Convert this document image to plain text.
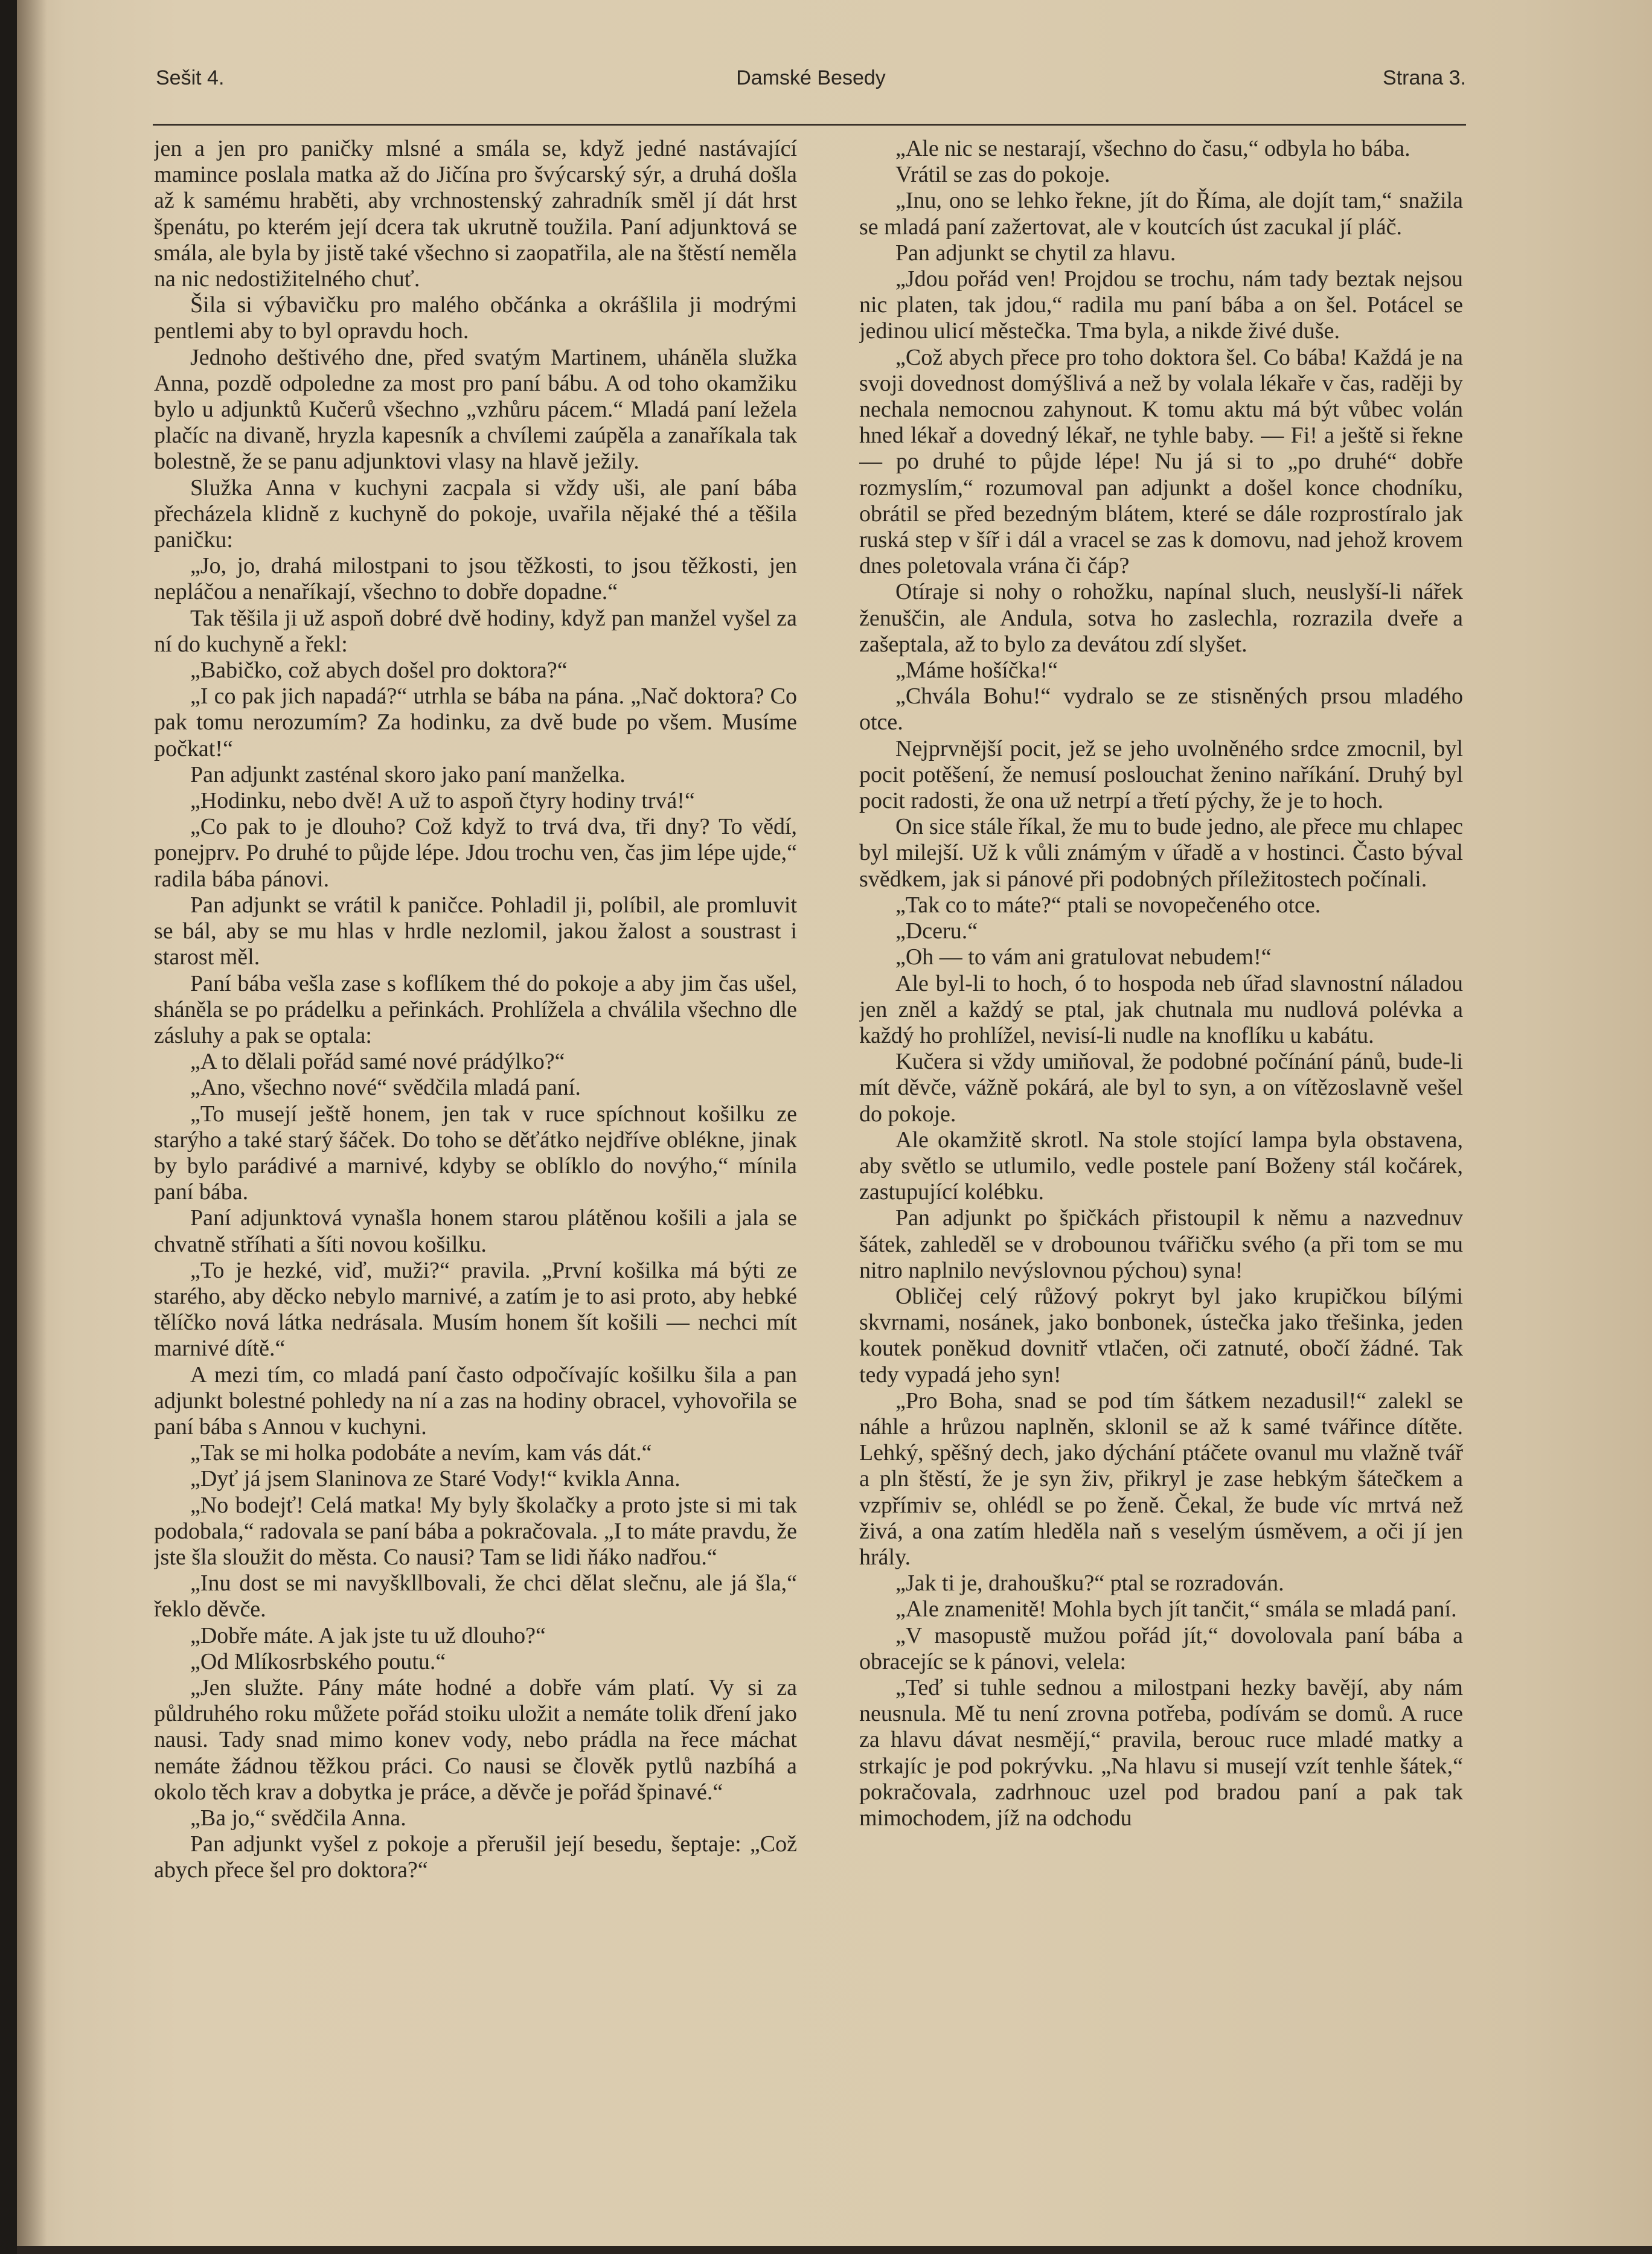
Sešit 4.	Damské Besedy	Strana 3.

jen a jen pro paničky mlsné a smála se, když jedné nastávající mamince poslala matka až do Jičína pro švýcarský sýr, a druhá došla až k samému hraběti, aby vrchnostenský zahradník směl jí dát hrst špenátu, po kterém její dcera tak ukrutně toužila. Paní adjunktová se smála, ale byla by jistě také všechno si zaopatřila, ale na štěstí neměla na nic nedostižitelného chuť.

Šila si výbavičku pro malého občánka a okrášlila ji modrými pentlemi aby to byl opravdu hoch.

Jednoho deštivého dne, před svatým Martinem, uháněla služka Anna, pozdě odpoledne za most pro paní bábu. A od toho okamžiku bylo u adjunktů Kučerů všechno „vzhůru pácem.“ Mladá paní ležela plačíc na divaně, hryzla kapesník a chvílemi zaúpěla a zanaříkala tak bolestně, že se panu adjunktovi vlasy na hlavě ježily.

Služka Anna v kuchyni zacpala si vždy uši, ale paní bába přecházela klidně z kuchyně do pokoje, uvařila nějaké thé a těšila paničku:

„Jo, jo, drahá milostpani to jsou těžkosti, to jsou těžkosti, jen nepláčou a nenaříkají, všechno to dobře dopadne.“

Tak těšila ji už aspoň dobré dvě hodiny, když pan manžel vyšel za ní do kuchyně a řekl:

„Babičko, což abych došel pro doktora?“

„I co pak jich napadá?“ utrhla se bába na pána. „Nač doktora? Co pak tomu nerozumím? Za hodinku, za dvě bude po všem. Musíme počkat!“

Pan adjunkt zasténal skoro jako paní manželka.

„Hodinku, nebo dvě! A už to aspoň čtyry hodiny trvá!“

„Co pak to je dlouho? Což když to trvá dva, tři dny? To vědí, ponejprv. Po druhé to půjde lépe. Jdou trochu ven, čas jim lépe ujde,“ radila bába pánovi.

Pan adjunkt se vrátil k paničce. Pohladil ji, políbil, ale promluvit se bál, aby se mu hlas v hrdle nezlomil, jakou žalost a soustrast i starost měl.

Paní bába vešla zase s koflíkem thé do pokoje a aby jim čas ušel, sháněla se po prádelku a peřinkách. Prohlížela a chválila všechno dle zásluhy a pak se optala:

„A to dělali pořád samé nové prádýlko?“

„Ano, všechno nové“ svědčila mladá paní.

„To musejí ještě honem, jen tak v ruce spíchnout košilku ze starýho a také starý šáček. Do toho se děťátko nejdříve oblékne, jinak by bylo parádivé a marnivé, kdyby se oblíklo do novýho,“ mínila paní bába.

Paní adjunktová vynašla honem starou plátěnou košili a jala se chvatně stříhati a šíti novou košilku.

„To je hezké, viď, muži?“ pravila. „První košilka má býti ze starého, aby děcko nebylo marnivé, a zatím je to asi proto, aby hebké tělíčko nová látka nedrásala. Musím honem šít košili — nechci mít marnivé dítě.“

A mezi tím, co mladá paní často odpočívajíc košilku šila a pan adjunkt bolestné pohledy na ní a zas na hodiny obracel, vyhovořila se paní bába s Annou v kuchyni.

„Tak se mi holka podobáte a nevím, kam vás dát.“

„Dyť já jsem Slaninova ze Staré Vody!“ kvikla Anna.

„No bodejť! Celá matka! My byly školačky a proto jste si mi tak podobala,“ radovala se paní bába a pokračovala. „I to máte pravdu, že jste šla sloužit do města. Co nausi? Tam se lidi ňáko nadřou.“

„Inu dost se mi navyškllbovali, že chci dělat slečnu, ale já šla,“ řeklo děvče.

„Dobře máte. A jak jste tu už dlouho?“

„Od Mlíkosrbského poutu.“

„Jen služte. Pány máte hodné a dobře vám platí. Vy si za půldruhého roku můžete pořád stoiku uložit a nemáte tolik dření jako nausi. Tady snad mimo konev vody, nebo prádla na řece máchat nemáte žádnou těžkou práci. Co nausi se člověk pytlů nazbíhá a okolo těch krav a dobytka je práce, a děvče je pořád špinavé.“

„Ba jo,“ svědčila Anna.

Pan adjunkt vyšel z pokoje a přerušil její besedu, šeptaje: „Což abych přece šel pro doktora?“

„Ale nic se nestarají, všechno do času,“ odbyla ho bába.

Vrátil se zas do pokoje.

„Inu, ono se lehko řekne, jít do Říma, ale dojít tam,“ snažila se mladá paní zažertovat, ale v koutcích úst zacukal jí pláč.

Pan adjunkt se chytil za hlavu.

„Jdou pořád ven! Projdou se trochu, nám tady beztak nejsou nic platen, tak jdou,“ radila mu paní bába a on šel. Potácel se jedinou ulicí městečka. Tma byla, a nikde živé duše.

„Což abych přece pro toho doktora šel. Co bába! Každá je na svoji dovednost domýšlivá a než by volala lékaře v čas, raději by nechala nemocnou zahynout. K tomu aktu má být vůbec volán hned lékař a dovedný lékař, ne tyhle baby. — Fi! a ještě si řekne — po druhé to půjde lépe! Nu já si to „po druhé“ dobře rozmyslím,“ rozumoval pan adjunkt a došel konce chodníku, obrátil se před bezedným blátem, které se dále rozprostíralo jak ruská step v šíř i dál a vracel se zas k domovu, nad jehož krovem dnes poletovala vrána či čáp?

Otíraje si nohy o rohožku, napínal sluch, neuslyší-li nářek ženuščin, ale Andula, sotva ho zaslechla, rozrazila dveře a zašeptala, až to bylo za devátou zdí slyšet.

„Máme hošíčka!“

„Chvála Bohu!“ vydralo se ze stisněných prsou mladého otce.

Nejprvnější pocit, jež se jeho uvolněného srdce zmocnil, byl pocit potěšení, že nemusí poslouchat ženino naříkání. Druhý byl pocit radosti, že ona už netrpí a třetí pýchy, že je to hoch.

On sice stále říkal, že mu to bude jedno, ale přece mu chlapec byl milejší. Už k vůli známým v úřadě a v hostinci. Často býval svědkem, jak si pánové při podobných příležitostech počínali.

„Tak co to máte?“ ptali se novopečeného otce.

„Dceru.“

„Oh — to vám ani gratulovat nebudem!“

Ale byl-li to hoch, ó to hospoda neb úřad slavnostní náladou jen zněl a každý se ptal, jak chutnala mu nudlová polévka a každý ho prohlížel, nevisí-li nudle na knoflíku u kabátu.

Kučera si vždy umiňoval, že podobné počínání pánů, bude-li mít děvče, vážně pokárá, ale byl to syn, a on vítězoslavně vešel do pokoje.

Ale okamžitě skrotl. Na stole stojící lampa byla obstavena, aby světlo se utlumilo, vedle postele paní Boženy stál kočárek, zastupující kolébku.

Pan adjunkt po špičkách přistoupil k němu a nazvednuv šátek, zahleděl se v drobounou tvářičku svého (a při tom se mu nitro naplnilo nevýslovnou pýchou) syna!

Obličej celý růžový pokryt byl jako krupičkou bílými skvrnami, nosánek, jako bonbonek, ústečka jako třešinka, jeden koutek poněkud dovnitř vtlačen, oči zatnuté, obočí žádné. Tak tedy vypadá jeho syn!

„Pro Boha, snad se pod tím šátkem nezadusil!“ zalekl se náhle a hrůzou naplněn, sklonil se až k samé tvářince dítěte. Lehký, spěšný dech, jako dýchání ptáčete ovanul mu vlažně tvář a pln štěstí, že je syn živ, přikryl je zase hebkým šátečkem a vzpřímiv se, ohlédl se po ženě. Čekal, že bude víc mrtvá než živá, a ona zatím hleděla naň s veselým úsměvem, a oči jí jen hrály.

„Jak ti je, drahoušku?“ ptal se rozradován.

„Ale znamenitě! Mohla bych jít tančit,“ smála se mladá paní.

„V masopustě mužou pořád jít,“ dovolovala paní bába a obracejíc se k pánovi, velela:

„Teď si tuhle sednou a milostpani hezky bavějí, aby nám neusnula. Mě tu není zrovna potřeba, podívám se domů. A ruce za hlavu dávat nesmějí,“ pravila, berouc ruce mladé matky a strkajíc je pod pokrývku. „Na hlavu si musejí vzít tenhle šátek,“ pokračovala, zadrhnouc uzel pod bradou paní a pak tak mimochodem, jíž na odchodu
